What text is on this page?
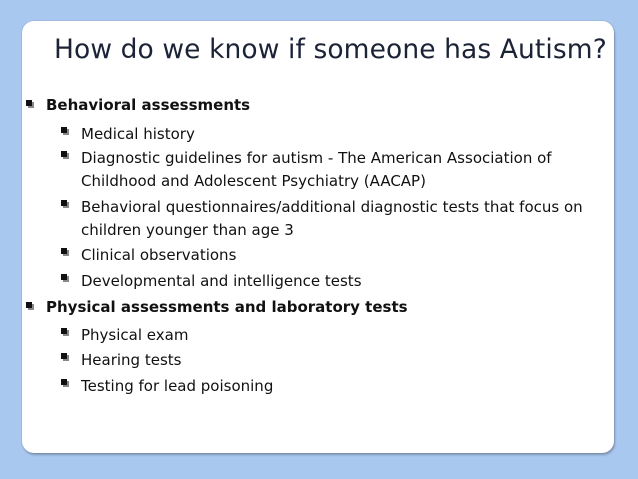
How do we know if someone has Autism?
Behavioral assessments
Medical history
Diagnostic guidelines for autism - The American Association of
Childhood and Adolescent Psychiatry (AACAP)
Behavioral questionnaires/additional diagnostic tests that focus on
children younger than age 3
Clinical observations
Developmental and intelligence tests
Physical assessments and laboratory tests
Physical exam
Hearing tests
Testing for lead poisoning
